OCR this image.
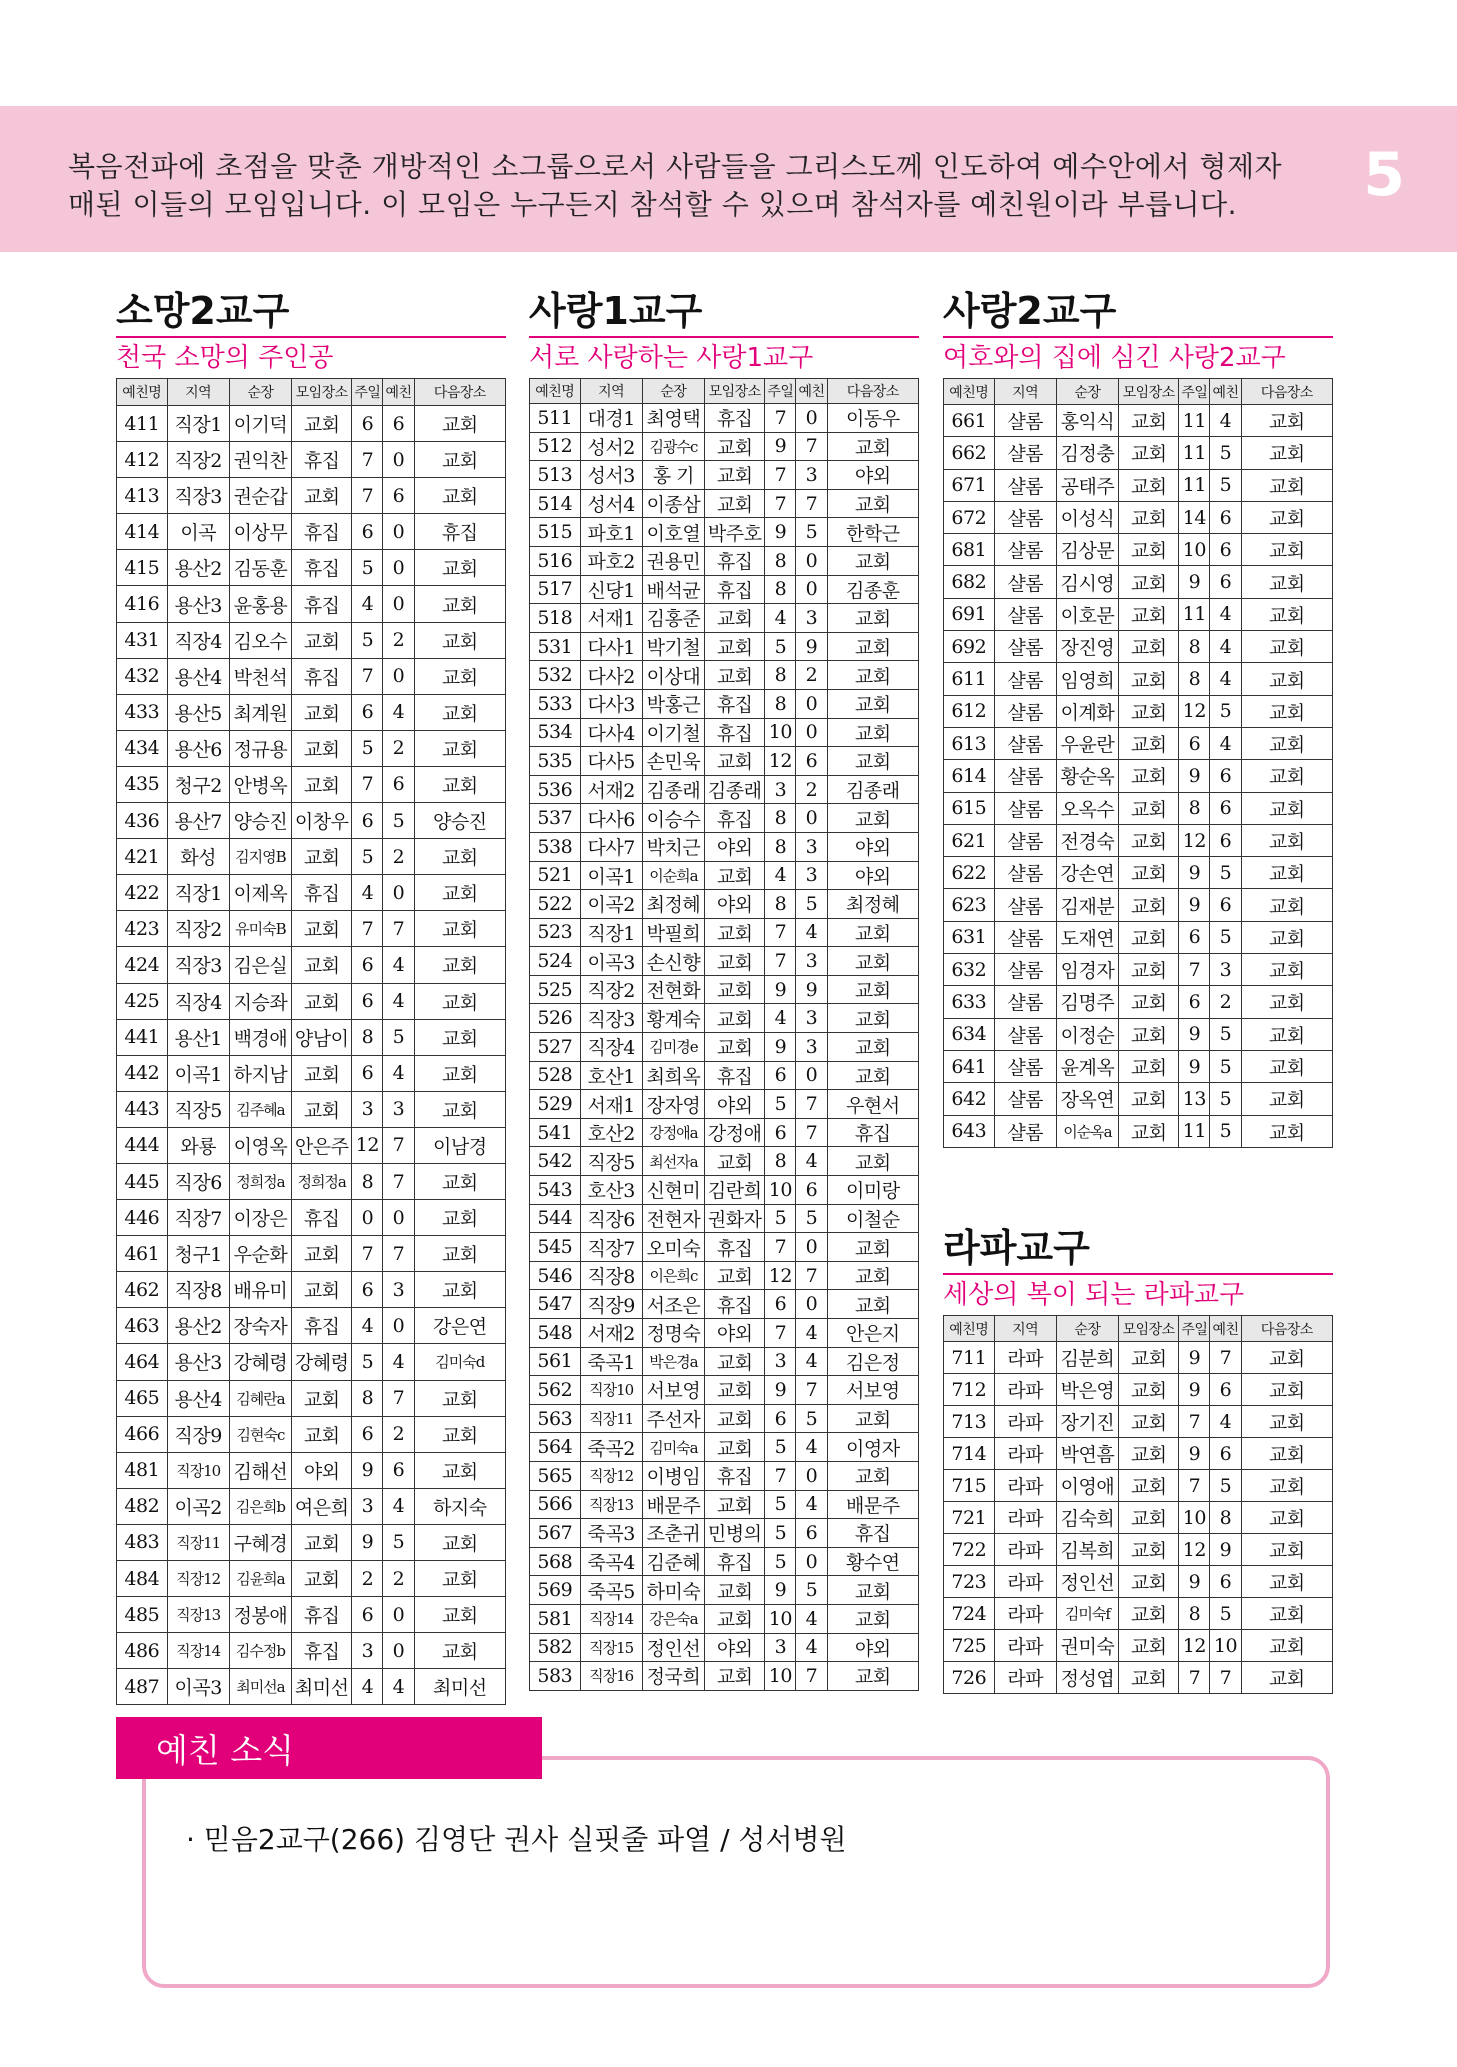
복음전파에 초점을 맞춘 개방적인 소그룹으로서 사람들을 그리스도께 인도하여 예수안에서 형제자
매된 이들의 모임입니다. 이 모임은 누구든지 참석할 수 있으며 참석자를 예친원이라 부릅니다.	5
소망2교구
천국 소망의 주인공
예친명	지역	순장	모임장소	주일	예친	다음장소
411	직장1	이기덕	교회	6	6	교회
412	직장2	권익찬	휴집	7	0	교회
413	직장3	권순갑	교회	7	6	교회
414	이곡	이상무	휴집	6	0	휴집
415	용산2	김동훈	휴집	5	0	교회
416	용산3	윤홍용	휴집	4	0	교회
431	직장4	김오수	교회	5	2	교회
432	용산4	박천석	휴집	7	0	교회
433	용산5	최계원	교회	6	4	교회
434	용산6	정규용	교회	5	2	교회
435	청구2	안병옥	교회	7	6	교회
436	용산7	양승진	이창우	6	5	양승진
421	화성	김지영B	교회	5	2	교회
422	직장1	이제옥	휴집	4	0	교회
423	직장2	유미숙B	교회	7	7	교회
424	직장3	김은실	교회	6	4	교회
425	직장4	지승좌	교회	6	4	교회
441	용산1	백경애	양남이	8	5	교회
442	이곡1	하지남	교회	6	4	교회
443	직장5	김주혜a	교회	3	3	교회
444	와룡	이영옥	안은주	12	7	이남경
445	직장6	정희정a	정희정a	8	7	교회
446	직장7	이장은	휴집	0	0	교회
461	청구1	우순화	교회	7	7	교회
462	직장8	배유미	교회	6	3	교회
463	용산2	장숙자	휴집	4	0	강은연
464	용산3	강혜령	강혜령	5	4	김미숙d
465	용산4	김혜란a	교회	8	7	교회
466	직장9	김현숙c	교회	6	2	교회
481	직장10	김해선	야외	9	6	교회
482	이곡2	김은희b	여은희	3	4	하지숙
483	직장11	구혜경	교회	9	5	교회
484	직장12	김윤희a	교회	2	2	교회
485	직장13	정봉애	휴집	6	0	교회
486	직장14	김수정b	휴집	3	0	교회
487	이곡3	최미선a	최미선	4	4	최미선
사랑1교구
서로 사랑하는 사랑1교구
예친명	지역	순장	모임장소	주일	예친	다음장소
511	대경1	최영택	휴집	7	0	이동우
512	성서2	김광수c	교회	9	7	교회
513	성서3	홍 기	교회	7	3	야외
514	성서4	이종삼	교회	7	7	교회
515	파호1	이호열	박주호	9	5	한학근
516	파호2	권용민	휴집	8	0	교회
517	신당1	배석균	휴집	8	0	김종훈
518	서재1	김홍준	교회	4	3	교회
531	다사1	박기철	교회	5	9	교회
532	다사2	이상대	교회	8	2	교회
533	다사3	박홍근	휴집	8	0	교회
534	다사4	이기철	휴집	10	0	교회
535	다사5	손민욱	교회	12	6	교회
536	서재2	김종래	김종래	3	2	김종래
537	다사6	이승수	휴집	8	0	교회
538	다사7	박치근	야외	8	3	야외
521	이곡1	이순희a	교회	4	3	야외
522	이곡2	최정혜	야외	8	5	최정혜
523	직장1	박필희	교회	7	4	교회
524	이곡3	손신향	교회	7	3	교회
525	직장2	전현화	교회	9	9	교회
526	직장3	황계숙	교회	4	3	교회
527	직장4	김미경e	교회	9	3	교회
528	호산1	최희옥	휴집	6	0	교회
529	서재1	장자영	야외	5	7	우현서
541	호산2	강정애a	강정애	6	7	휴집
542	직장5	최선자a	교회	8	4	교회
543	호산3	신현미	김란희	10	6	이미랑
544	직장6	전현자	권화자	5	5	이철순
545	직장7	오미숙	휴집	7	0	교회
546	직장8	이은희c	교회	12	7	교회
547	직장9	서조은	휴집	6	0	교회
548	서재2	정명숙	야외	7	4	안은지
561	죽곡1	박은경a	교회	3	4	김은정
562	직장10	서보영	교회	9	7	서보영
563	직장11	주선자	교회	6	5	교회
564	죽곡2	김미숙a	교회	5	4	이영자
565	직장12	이병임	휴집	7	0	교회
566	직장13	배문주	교회	5	4	배문주
567	죽곡3	조춘귀	민병의	5	6	휴집
568	죽곡4	김준혜	휴집	5	0	황수연
569	죽곡5	하미숙	교회	9	5	교회
581	직장14	강은숙a	교회	10	4	교회
582	직장15	정인선	야외	3	4	야외
583	직장16	정국희	교회	10	7	교회
사랑2교구
여호와의 집에 심긴 사랑2교구
예친명	지역	순장	모임장소	주일	예친	다음장소
661	샬롬	홍익식	교회	11	4	교회
662	샬롬	김정충	교회	11	5	교회
671	샬롬	공태주	교회	11	5	교회
672	샬롬	이성식	교회	14	6	교회
681	샬롬	김상문	교회	10	6	교회
682	샬롬	김시영	교회	9	6	교회
691	샬롬	이호문	교회	11	4	교회
692	샬롬	장진영	교회	8	4	교회
611	샬롬	임영희	교회	8	4	교회
612	샬롬	이계화	교회	12	5	교회
613	샬롬	우윤란	교회	6	4	교회
614	샬롬	황순옥	교회	9	6	교회
615	샬롬	오옥수	교회	8	6	교회
621	샬롬	전경숙	교회	12	6	교회
622	샬롬	강손연	교회	9	5	교회
623	샬롬	김재분	교회	9	6	교회
631	샬롬	도재연	교회	6	5	교회
632	샬롬	임경자	교회	7	3	교회
633	샬롬	김명주	교회	6	2	교회
634	샬롬	이정순	교회	9	5	교회
641	샬롬	윤계옥	교회	9	5	교회
642	샬롬	장옥연	교회	13	5	교회
643	샬롬	이순옥a	교회	11	5	교회
라파교구
세상의 복이 되는 라파교구
예친명	지역	순장	모임장소	주일	예친	다음장소
711	라파	김분희	교회	9	7	교회
712	라파	박은영	교회	9	6	교회
713	라파	장기진	교회	7	4	교회
714	라파	박연흠	교회	9	6	교회
715	라파	이영애	교회	7	5	교회
721	라파	김숙희	교회	10	8	교회
722	라파	김복희	교회	12	9	교회
723	라파	정인선	교회	9	6	교회
724	라파	김미숙f	교회	8	5	교회
725	라파	권미숙	교회	12	10	교회
726	라파	정성엽	교회	7	7	교회
예친 소식
· 믿음2교구(266) 김영단 권사 실핏줄 파열 / 성서병원
